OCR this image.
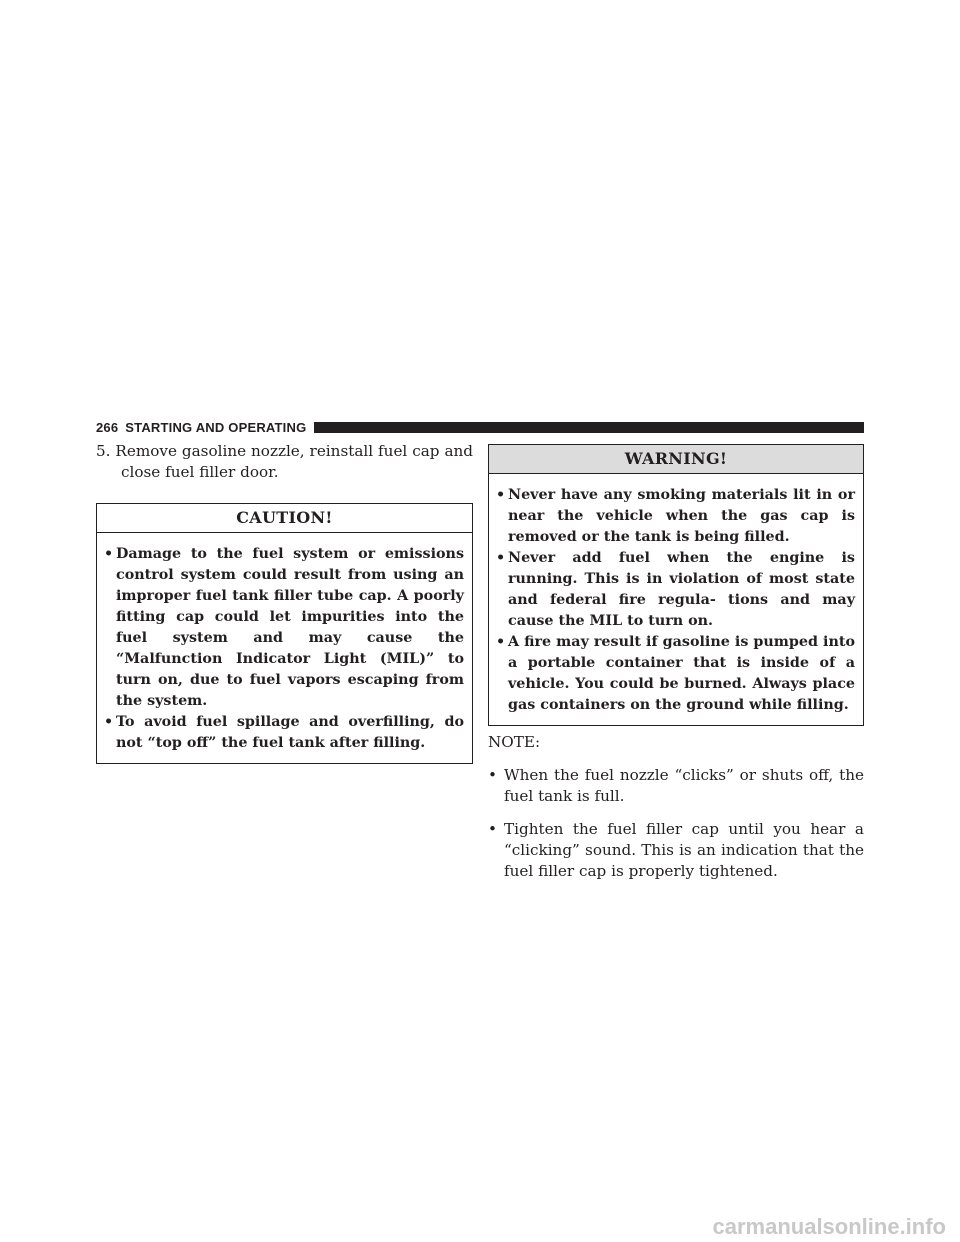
266 STARTING AND OPERATING

5. Remove gasoline nozzle, reinstall fuel cap and close fuel filler door.

CAUTION!
• Damage to the fuel system or emissions control system could result from using an improper fuel tank filler tube cap. A poorly fitting cap could let impurities into the fuel system and may cause the “Malfunction Indicator Light (MIL)” to turn on, due to fuel vapors escaping from the system.
• To avoid fuel spillage and overfilling, do not “top off” the fuel tank after filling.
WARNING!
• Never have any smoking materials lit in or near the vehicle when the gas cap is removed or the tank is being filled.
• Never add fuel when the engine is running. This is in violation of most state and federal fire regula- tions and may cause the MIL to turn on.
• A fire may result if gasoline is pumped into a portable container that is inside of a vehicle. You could be burned. Always place gas containers on the ground while filling.
NOTE:
• When the fuel nozzle “clicks” or shuts off, the fuel tank is full.
• Tighten the fuel filler cap until you hear a “clicking” sound. This is an indication that the fuel filler cap is properly tightened.
carmanualsonline.info
